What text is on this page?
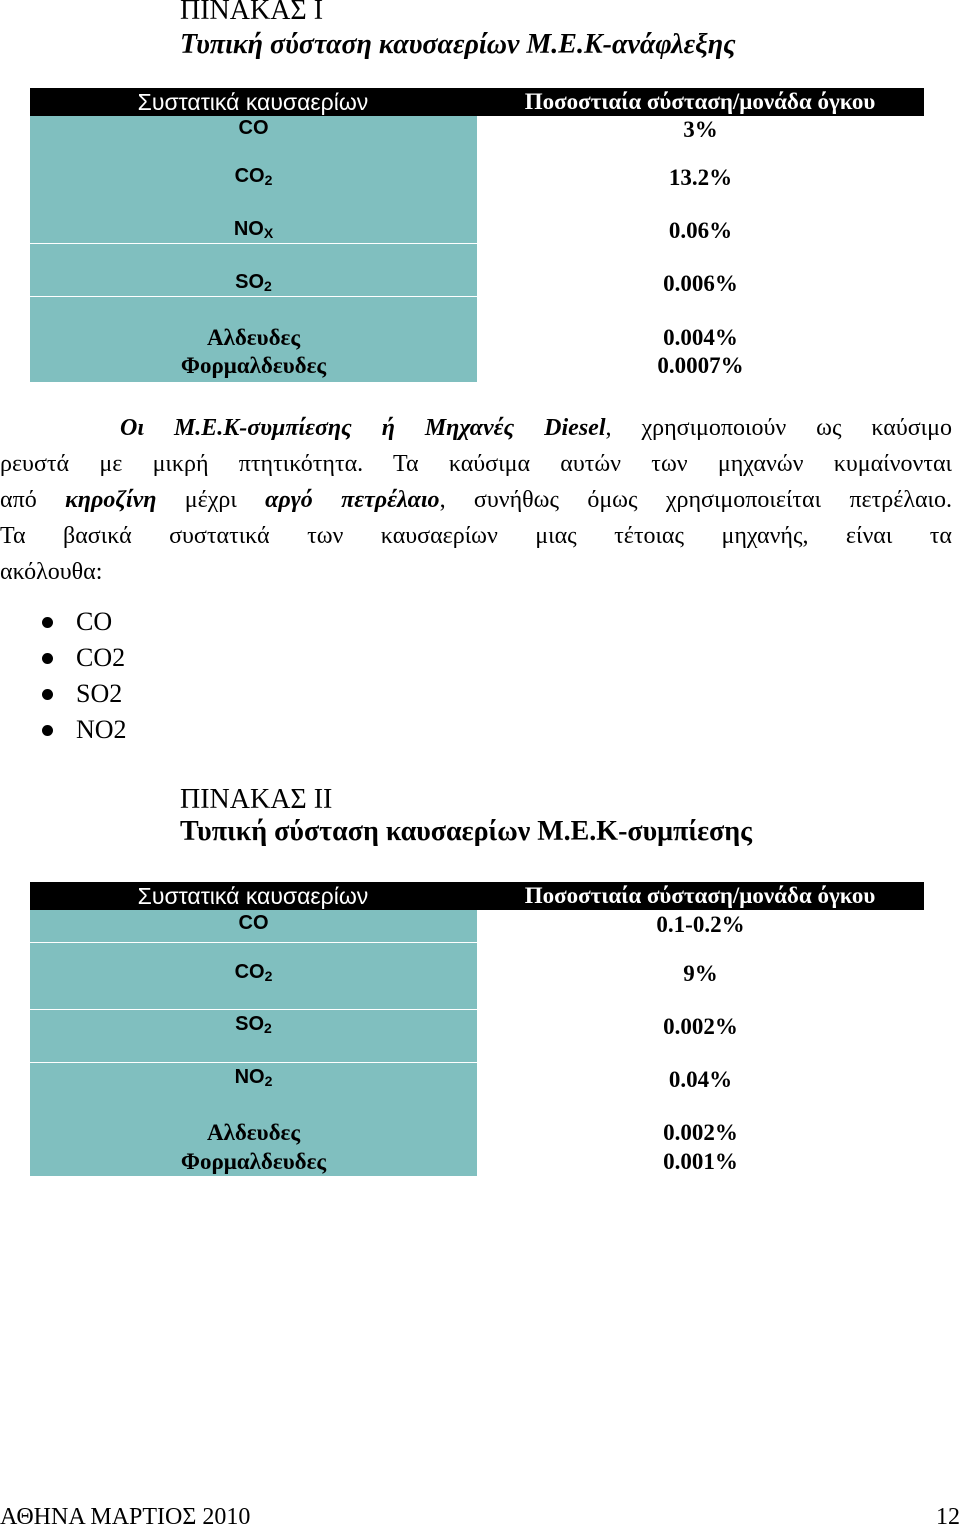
ΠΙΝΑΚΑΣ Ι
Τυπική σύσταση καυσαερίων Μ.Ε.Κ-ανάφλεξης
Συστατικά καυσαερίων	Ποσοστιαία σύσταση/μονάδα όγκου
CO	3%
$CO_2$	13.2%
$NO_X$	0.06%
$SO_2$	0.006%
Αλδευδες	0.004%
Φορμαλδευδες	0.0007%
Οι Μ.Ε.Κ-συμπίεσης ή Μηχανές Diesel, χρησιμοποιούν ως καύσιμο
ρευστά με μικρή πτητικότητα. Τα καύσιμα αυτών των μηχανών κυμαίνονται
από κηροζίνη μέχρι αργό πετρέλαιο, συνήθως όμως χρησιμοποιείται πετρέλαιο.
Τα βασικά συστατικά των καυσαερίων μιας τέτοιας μηχανής, είναι τα
ακόλουθα:
CO
CO2
SO2
NO2
ΠΙΝΑΚΑΣ ΙΙ
Τυπική σύσταση καυσαερίων Μ.Ε.Κ-συμπίεσης
Συστατικά καυσαερίων	Ποσοστιαία σύσταση/μονάδα όγκου
CO	0.1-0.2%
$CO_2$	9%
$SO_2$	0.002%
$NO_2$	0.04%
Αλδευδες	0.002%
Φορμαλδευδες	0.001%
ΑΘΗΝΑ ΜΑΡΤΙΟΣ 2010	12
